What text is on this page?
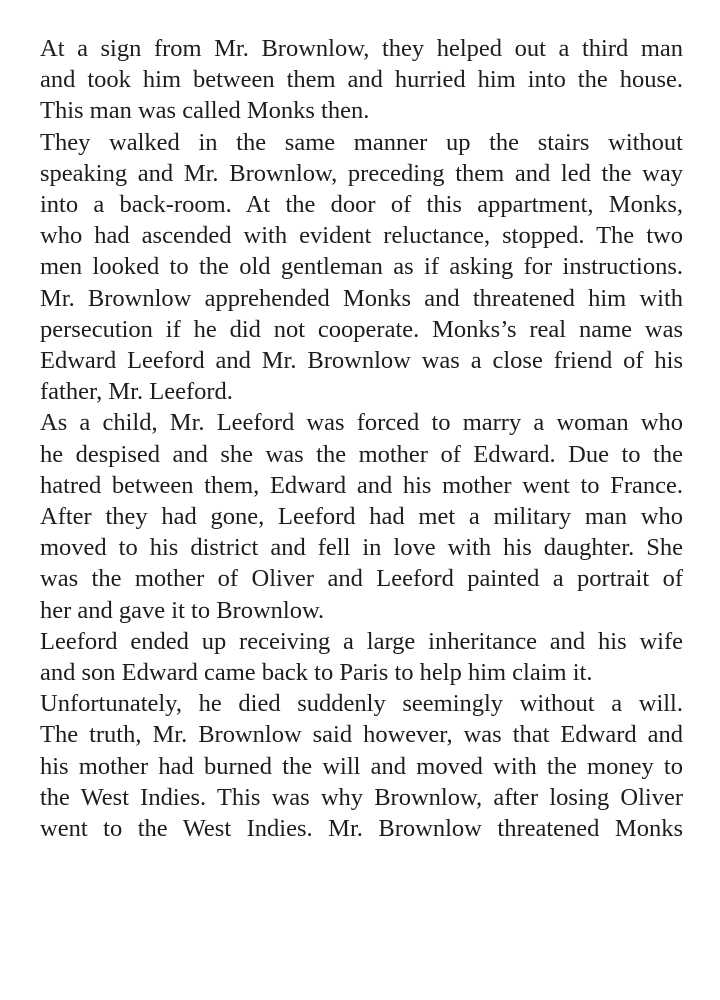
At a sign from Mr. Brownlow, they helped out a third man
and took him between them and hurried him into the house.
This man was called Monks then.

They walked in the same manner up the stairs without
speaking and Mr. Brownlow, preceding them and led the way
into a back-room. At the door of this appartment, Monks,
who had ascended with evident reluctance, stopped. The two
men looked to the old gentleman as if asking for instructions.
Mr. Brownlow apprehended Monks and threatened him with
persecution if he did not cooperate. Monks’s real name was
Edward Leeford and Mr. Brownlow was a close friend of his
father, Mr. Leeford.

As a child, Mr. Leeford was forced to marry a woman who
he despised and she was the mother of Edward. Due to the
hatred between them, Edward and his mother went to France.
After they had gone, Leeford had met a military man who
moved to his district and fell in love with his daughter. She
was the mother of Oliver and Leeford painted a portrait of
her and gave it to Brownlow.

Leeford ended up receiving a large inheritance and his wife
and son Edward came back to Paris to help him claim it.

Unfortunately, he died suddenly seemingly without a will.
The truth, Mr. Brownlow said however, was that Edward and
his mother had burned the will and moved with the money to
the West Indies. This was why Brownlow, after losing Oliver
went to the West Indies. Mr. Brownlow threatened Monks
